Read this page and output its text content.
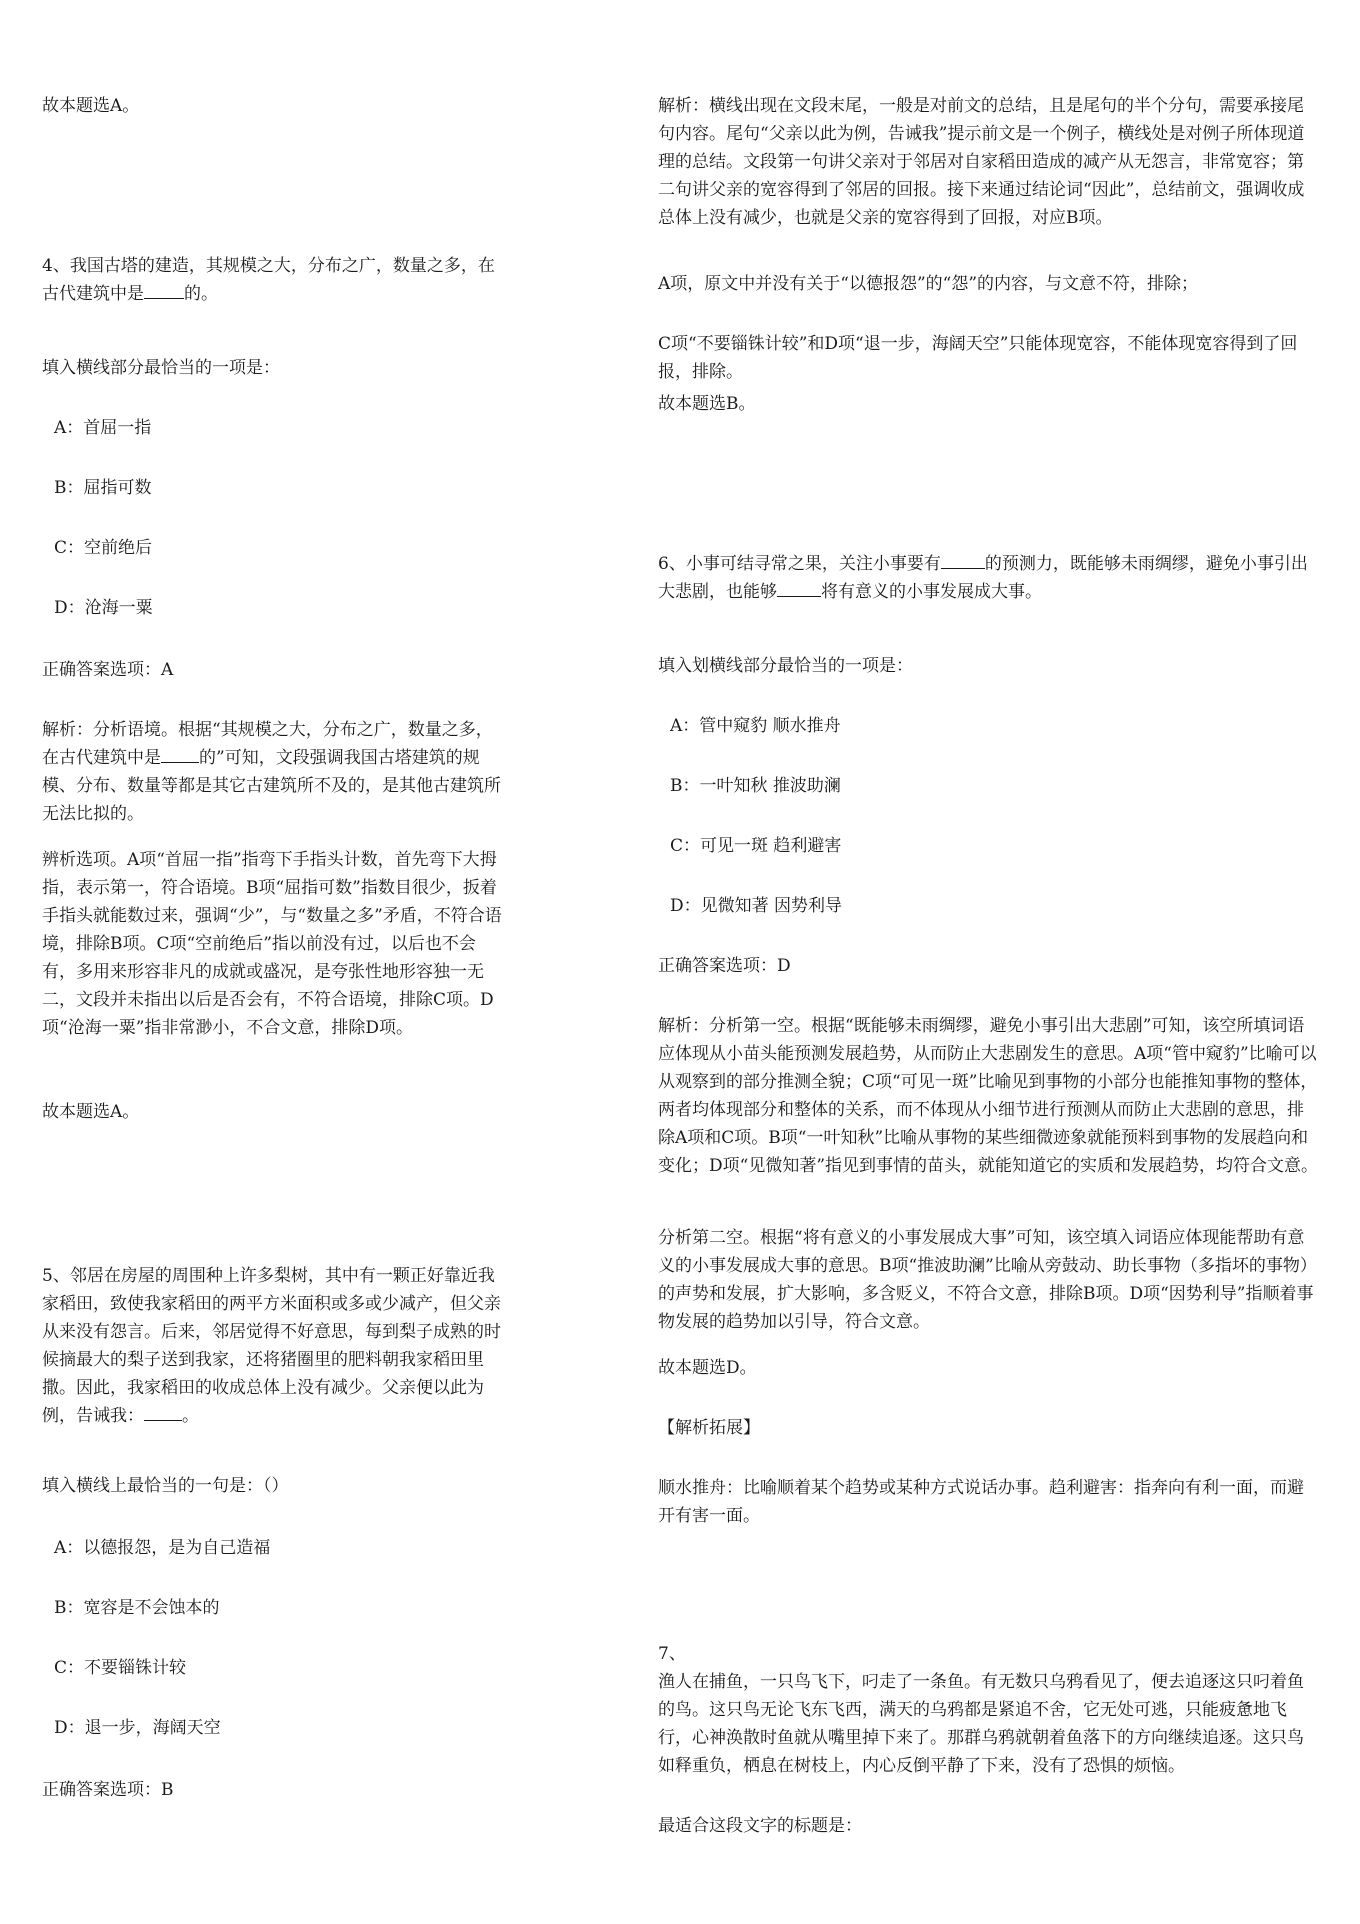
故本题选A。

4、我国古塔的建造，其规模之大，分布之广，数量之多，在古代建筑中是 的。

填入横线部分最恰当的一项是：

A：首屈一指

B：屈指可数

C：空前绝后

D：沧海一粟

正确答案选项：A

解析：分析语境。根据“其规模之大，分布之广，数量之多，在古代建筑中是 的”可知，文段强调我国古塔建筑的规模、分布、数量等都是其它古建筑所不及的，是其他古建筑所无法比拟的。

辨析选项。A项“首屈一指”指弯下手指头计数，首先弯下大拇指，表示第一，符合语境。B项“屈指可数”指数目很少，扳着手指头就能数过来，强调“少”，与“数量之多”矛盾，不符合语境，排除B项。C项“空前绝后”指以前没有过，以后也不会有，多用来形容非凡的成就或盛况，是夸张性地形容独一无二，文段并未指出以后是否会有，不符合语境，排除C项。D项“沧海一粟”指非常渺小，不合文意，排除D项。

故本题选A。

5、邻居在房屋的周围种上许多梨树，其中有一颗正好靠近我家稻田，致使我家稻田的两平方米面积或多或少减产，但父亲从来没有怨言。后来，邻居觉得不好意思，每到梨子成熟的时候摘最大的梨子送到我家，还将猪圈里的肥料朝我家稻田里撒。因此，我家稻田的收成总体上没有减少。父亲便以此为例，告诫我： 。

填入横线上最恰当的一句是：（）

A：以德报怨，是为自己造福

B：宽容是不会蚀本的

C：不要锱铢计较

D：退一步，海阔天空

正确答案选项：B

解析：横线出现在文段末尾，一般是对前文的总结，且是尾句的半个分句，需要承接尾句内容。尾句“父亲以此为例，告诫我”提示前文是一个例子，横线处是对例子所体现道理的总结。文段第一句讲父亲对于邻居对自家稻田造成的减产从无怨言，非常宽容；第二句讲父亲的宽容得到了邻居的回报。接下来通过结论词“因此”，总结前文，强调收成总体上没有减少，也就是父亲的宽容得到了回报，对应B项。

A项，原文中并没有关于“以德报怨”的“怨”的内容，与文意不符，排除；

C项“不要锱铢计较”和D项“退一步，海阔天空”只能体现宽容，不能体现宽容得到了回报，排除。

故本题选B。

6、小事可结寻常之果，关注小事要有	的预测力，既能够未雨绸缪，避免小事引出大悲剧，也能够	将有意义的小事发展成大事。

填入划横线部分最恰当的一项是：

A：管中窥豹 顺水推舟

B：一叶知秋 推波助澜

C：可见一斑 趋利避害

D：见微知著 因势利导

正确答案选项：D

解析：分析第一空。根据“既能够未雨绸缪，避免小事引出大悲剧”可知，该空所填词语应体现从小苗头能预测发展趋势，从而防止大悲剧发生的意思。A项“管中窥豹”比喻可以从观察到的部分推测全貌；C项“可见一斑”比喻见到事物的小部分也能推知事物的整体，两者均体现部分和整体的关系，而不体现从小细节进行预测从而防止大悲剧的意思，排除A项和C项。B项“一叶知秋”比喻从事物的某些细微迹象就能预料到事物的发展趋向和变化；D项“见微知著”指见到事情的苗头，就能知道它的实质和发展趋势，均符合文意。

分析第二空。根据“将有意义的小事发展成大事”可知，该空填入词语应体现能帮助有意义的小事发展成大事的意思。B项“推波助澜”比喻从旁鼓动、助长事物（多指坏的事物）的声势和发展，扩大影响，多含贬义，不符合文意，排除B项。D项“因势利导”指顺着事物发展的趋势加以引导，符合文意。

故本题选D。

【解析拓展】

顺水推舟：比喻顺着某个趋势或某种方式说话办事。趋利避害：指奔向有利一面，而避开有害一面。

7、

渔人在捕鱼，一只鸟飞下，叼走了一条鱼。有无数只乌鸦看见了，便去追逐这只叼着鱼的鸟。这只鸟无论飞东飞西，满天的乌鸦都是紧追不舍，它无处可逃，只能疲惫地飞行，心神涣散时鱼就从嘴里掉下来了。那群乌鸦就朝着鱼落下的方向继续追逐。这只鸟如释重负，栖息在树枝上，内心反倒平静了下来，没有了恐惧的烦恼。

最适合这段文字的标题是：
